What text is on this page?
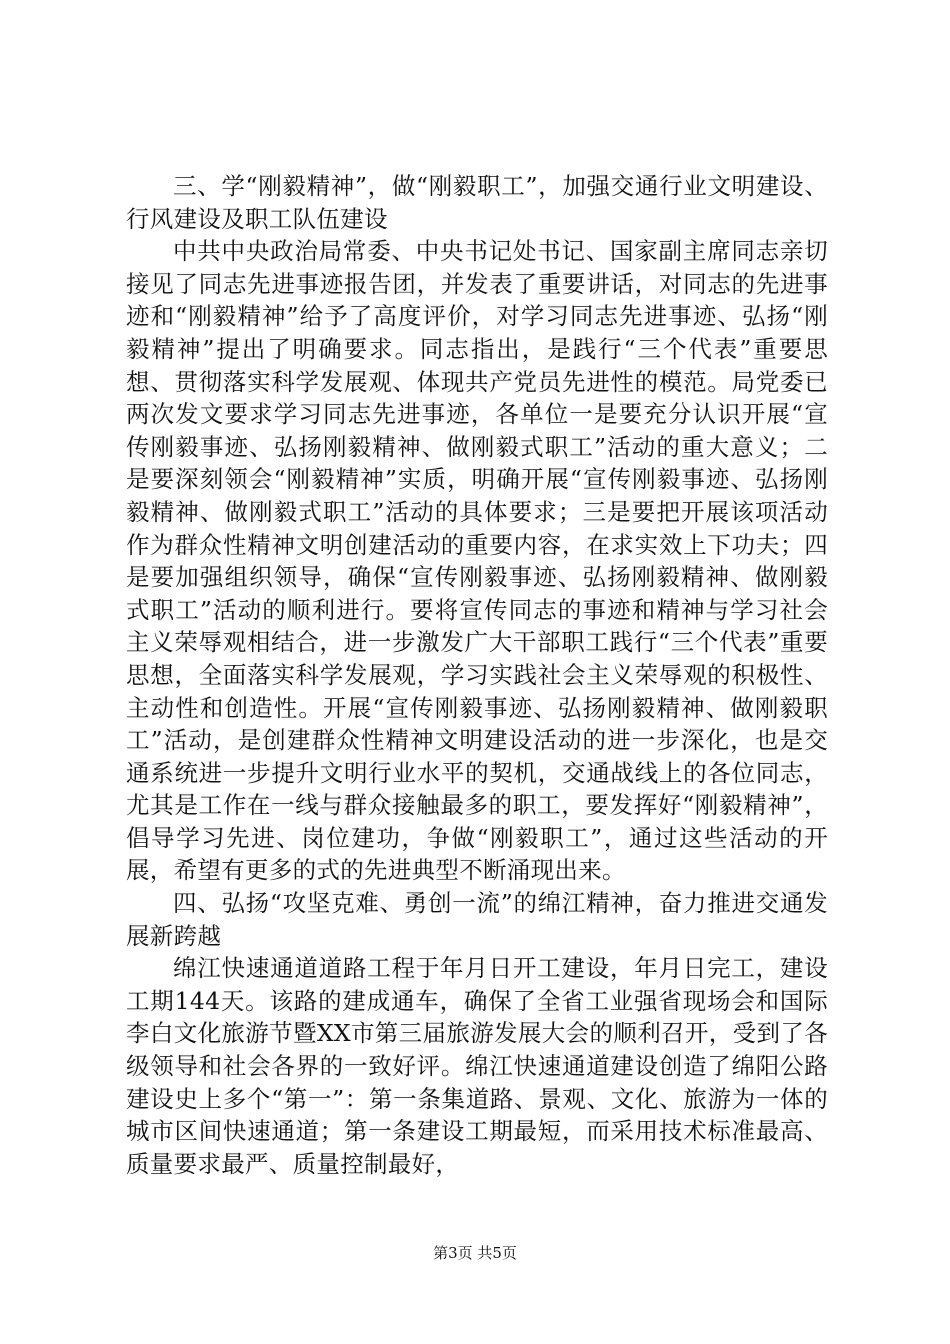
三、学“刚毅精神”，做“刚毅职工”，加强交通行业文明建设、行风建设及职工队伍建设

中共中央政治局常委、中央书记处书记、国家副主席同志亲切接见了同志先进事迹报告团，并发表了重要讲话，对同志的先进事迹和“刚毅精神”给予了高度评价，对学习同志先进事迹、弘扬“刚毅精神”提出了明确要求。同志指出，是践行“三个代表”重要思想、贯彻落实科学发展观、体现共产党员先进性的模范。局党委已两次发文要求学习同志先进事迹，各单位一是要充分认识开展“宣传刚毅事迹、弘扬刚毅精神、做刚毅式职工”活动的重大意义；二是要深刻领会“刚毅精神”实质，明确开展“宣传刚毅事迹、弘扬刚毅精神、做刚毅式职工”活动的具体要求；三是要把开展该项活动作为群众性精神文明创建活动的重要内容，在求实效上下功夫；四是要加强组织领导，确保“宣传刚毅事迹、弘扬刚毅精神、做刚毅式职工”活动的顺利进行。要将宣传同志的事迹和精神与学习社会主义荣辱观相结合，进一步激发广大干部职工践行“三个代表”重要思想，全面落实科学发展观，学习实践社会主义荣辱观的积极性、主动性和创造性。开展“宣传刚毅事迹、弘扬刚毅精神、做刚毅职工”活动，是创建群众性精神文明建设活动的进一步深化，也是交通系统进一步提升文明行业水平的契机，交通战线上的各位同志，尤其是工作在一线与群众接触最多的职工，要发挥好“刚毅精神”，倡导学习先进、岗位建功，争做“刚毅职工”，通过这些活动的开展，希望有更多的式的先进典型不断涌现出来。

四、弘扬“攻坚克难、勇创一流”的绵江精神，奋力推进交通发展新跨越

绵江快速通道道路工程于年月日开工建设，年月日完工，建设工期144天。该路的建成通车，确保了全省工业强省现场会和国际李白文化旅游节暨XX市第三届旅游发展大会的顺利召开，受到了各级领导和社会各界的一致好评。绵江快速通道建设创造了绵阳公路建设史上多个“第一”：第一条集道路、景观、文化、旅游为一体的城市区间快速通道；第一条建设工期最短，而采用技术标准最高、质量要求最严、质量控制最好，

第3页 共5页
